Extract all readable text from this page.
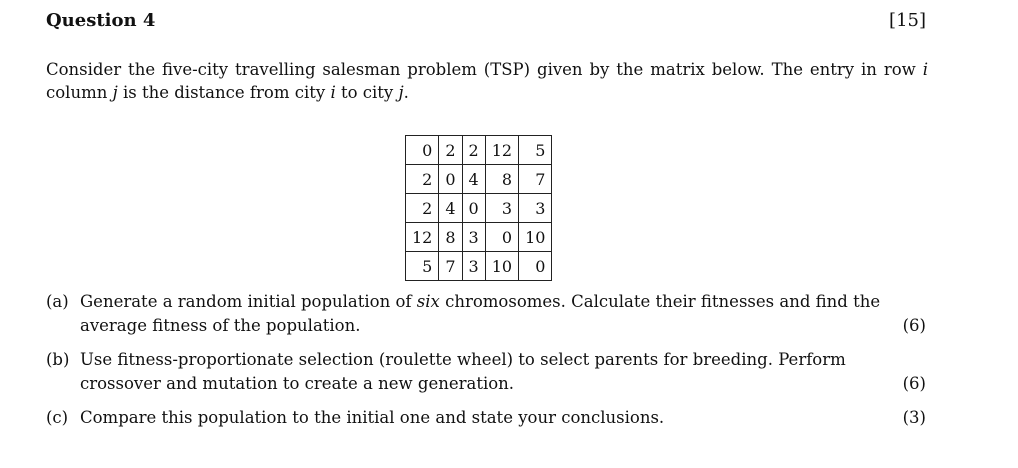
Question 4	[15]
Consider the five-city travelling salesman problem (TSP) given by the matrix below. The entry in row i column j is the distance from city i to city j.
0	2	2	12	5
2	0	4	8	7
2	4	0	3	3
12	8	3	0	10
5	7	3	10	0
(a) Generate a random initial population of six chromosomes. Calculate their fitnesses and find the average fitness of the population.	(6)
(b) Use fitness-proportionate selection (roulette wheel) to select parents for breeding. Perform crossover and mutation to create a new generation.	(6)
(c) Compare this population to the initial one and state your conclusions.	(3)
